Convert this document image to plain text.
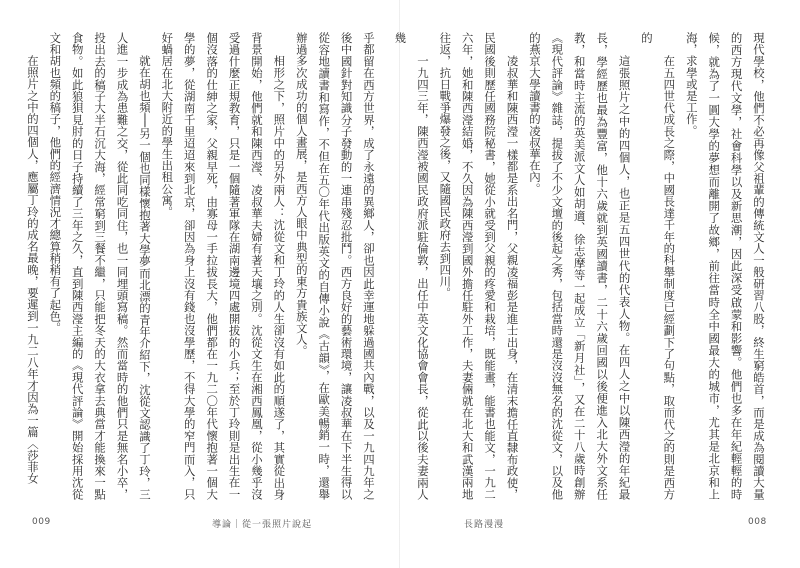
乎都留在西方世界，成了永遠的異鄉人，卻也因此幸運地躲過國共內戰，以及一九四九年之後中國針對知識分子發動的一連串殘忍批鬥。西方良好的藝術環境，讓凌叔華在下半生得以從容地讀書和寫作，不但在五〇年代出版英文的自傳小說《古韻》，在歐美暢銷一時，還舉辦過多次成功的個人畫展，是西方人眼中典型的東方貴族文人。

相形之下，照片中的另外兩人：沈從文和丁玲的人生卻沒有如此的順遂了，其實從出身背景開始，他們就和陳西瀅、凌叔華夫婦有著天壤之別。沈從文生在湘西鳳凰，從小幾乎沒受過什麼正規教育，只是一個隨著軍隊在湖南邊境四處開拔的小兵；至於丁玲則是出生在一個沒落的仕紳之家，父親早死，由寡母一手拉拔長大，他們都在一九二〇年代懷抱著一個大學的夢，從湖南千里迢迢來到北京，卻因為身上沒有錢也沒學歷，不得大學的窄門而入，只好蝸居在北大附近的學生出租公寓。

就在胡也頻──另一個也同樣懷抱著大學夢而北漂的青年介紹下，沈從文認識了丁玲，三人進一步成為患難之交，從此同吃同住，也一同埋頭寫稿。然而當時的他們只是無名小卒，投出去的稿子大半石沉大海，經常窮到三餐不繼，只能把冬天的大衣拿去典當才能換來一點食物。如此狼狽見肘的日子持續了三年之久，直到陳西瀅主編的《現代評論》開始採用沈從文和胡也頻的稿子，他們的經濟情況才總算稍稍有了起色。

在照片之中的四個人，應屬丁玲的成名最晚，要遲到一九二八年才因為一篇〈莎菲女

009	導論｜從一張照片說起

現代學校，他們不必再像父祖輩的傳統文人一般研習八股，終生窮皓首，而是成為閱讀大量的西方現代文學，社會科學以及新思潮，因此深受啟蒙和影響。他們也多在年紀輕輕的時候，就為了一圓大學的夢想而離開了故鄉，前往當時全中國最大的城市，尤其是北京和上海，求學或是工作。

在五四世代成長之際，中國長達千年的科舉制度已經劃下了句點，取而代之的則是西方的

這張照片之中的四個人，也正是五四世代的代表人物。在四人之中以陳西瀅的年紀最長，學經歷也最為豐富，他十六歲就到英國讀書，二十六歲回國以後便進入北大外文系任教，和當時主流的英美派文人如胡適、徐志摩等一起成立「新月社」，又在二十八歲時創辦《現代評論》雜誌，提拔了不少文壇的後起之秀，包括當時還是沒沒無名的沈從文，以及他的燕京大學讀書的凌叔華在內。

凌叔華和陳西瀅一樣都是系出名門，父親凌福彭是進士出身，在清末擔任直隸布政使，民國後則歷任國務院秘書，她從小就受到父親的疼愛和栽培，既能畫，能書也能文，一九二六年，她和陳西瀅結婚，不久因為陳西瀅到國外擔任駐外工作，夫妻倆就在北大和武漢兩地往返，抗日戰爭爆發之後，又隨國民政府去到四川。

一九四三年，陳西瀅被國民政府派駐倫敦，出任中英文化協會會長，從此以後夫妻兩人幾

長路漫漫	008
